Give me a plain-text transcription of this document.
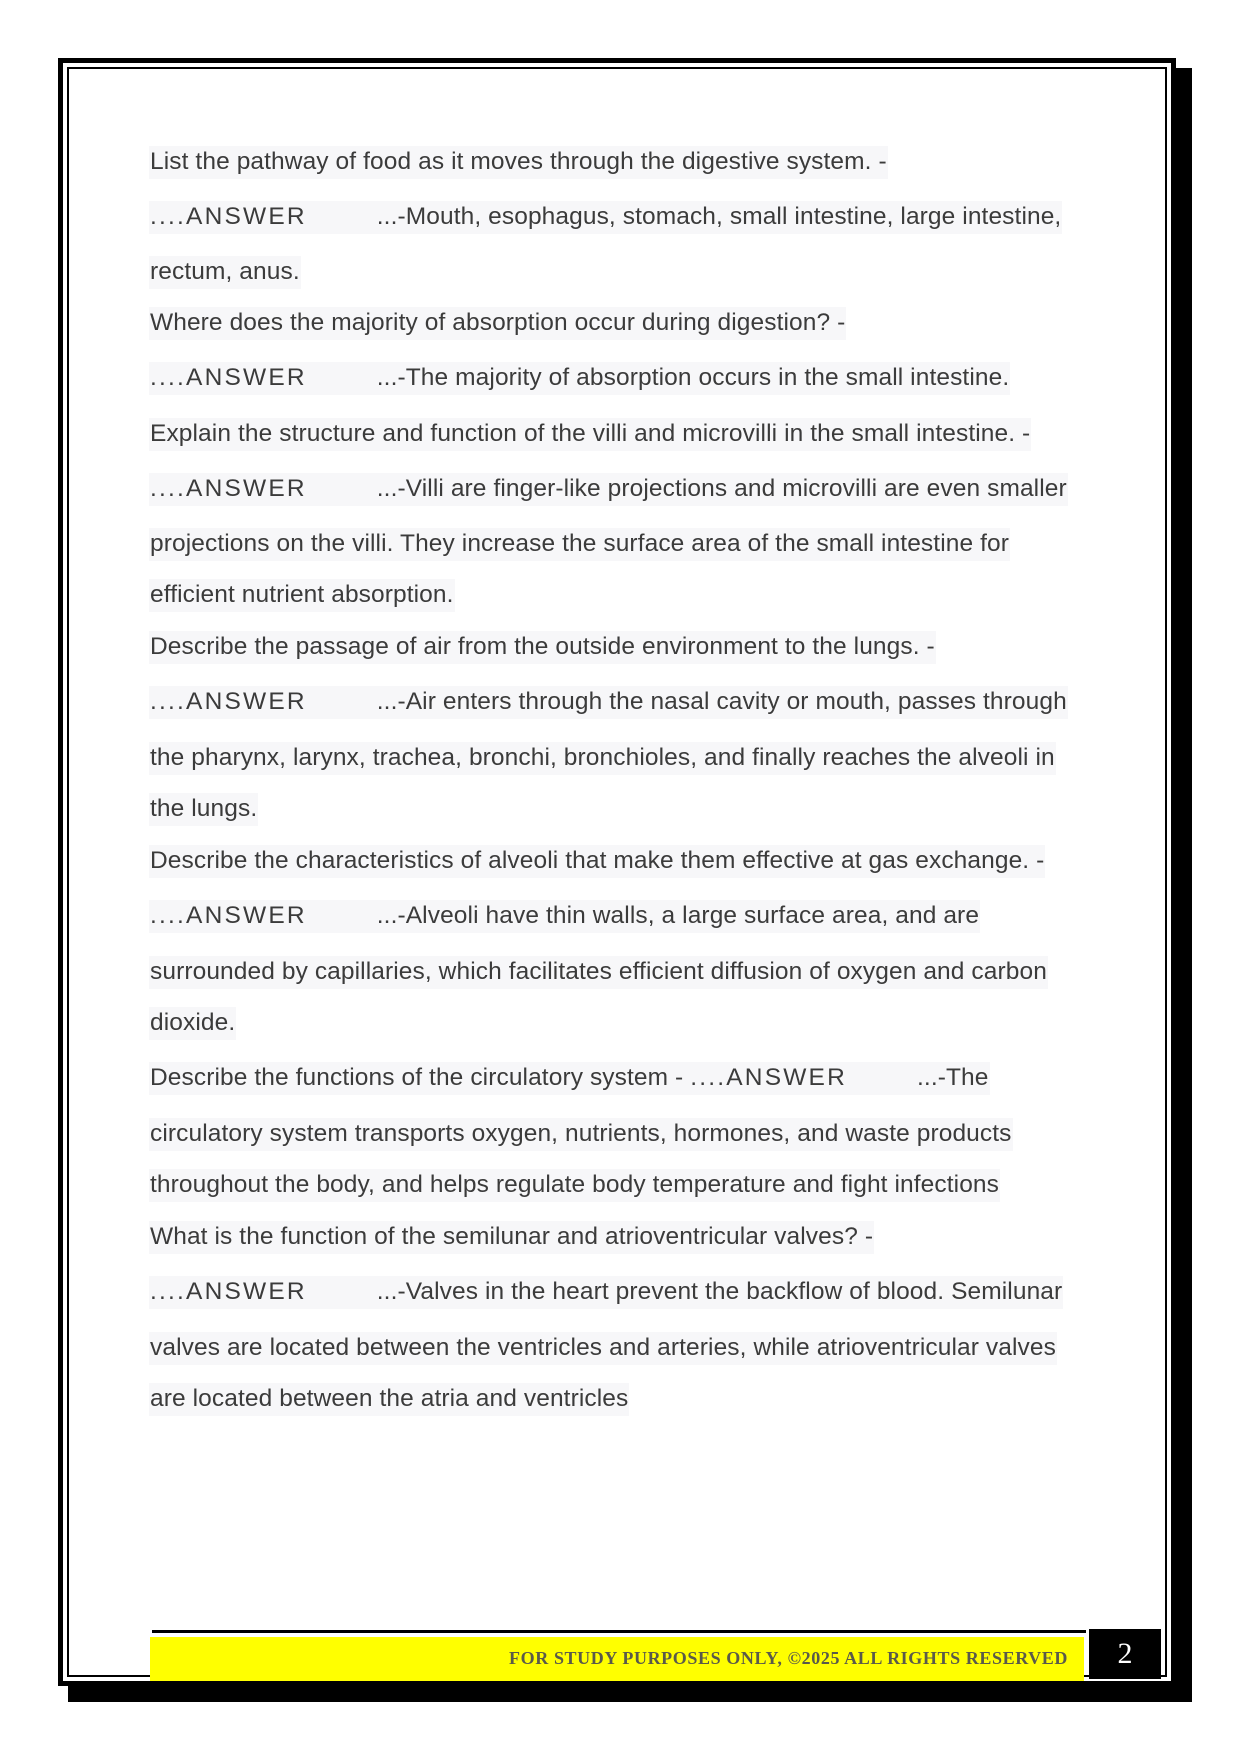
List the pathway of food as it moves through the digestive system. -
....ANSWER	...-Mouth, esophagus, stomach, small intestine, large intestine,
rectum, anus.
Where does the majority of absorption occur during digestion? -
....ANSWER	...-The majority of absorption occurs in the small intestine.
Explain the structure and function of the villi and microvilli in the small intestine. -
....ANSWER	...-Villi are finger-like projections and microvilli are even smaller
projections on the villi. They increase the surface area of the small intestine for
efficient nutrient absorption.
Describe the passage of air from the outside environment to the lungs. -
....ANSWER	...-Air enters through the nasal cavity or mouth, passes through
the pharynx, larynx, trachea, bronchi, bronchioles, and finally reaches the alveoli in
the lungs.
Describe the characteristics of alveoli that make them effective at gas exchange. -
....ANSWER	...-Alveoli have thin walls, a large surface area, and are
surrounded by capillaries, which facilitates efficient diffusion of oxygen and carbon
dioxide.
Describe the functions of the circulatory system - ....ANSWER	...-The
circulatory system transports oxygen, nutrients, hormones, and waste products
throughout the body, and helps regulate body temperature and fight infections
What is the function of the semilunar and atrioventricular valves? -
....ANSWER	...-Valves in the heart prevent the backflow of blood. Semilunar
valves are located between the ventricles and arteries, while atrioventricular valves
are located between the atria and ventricles
FOR STUDY PURPOSES ONLY, ©2025 ALL RIGHTS RESERVED	2
